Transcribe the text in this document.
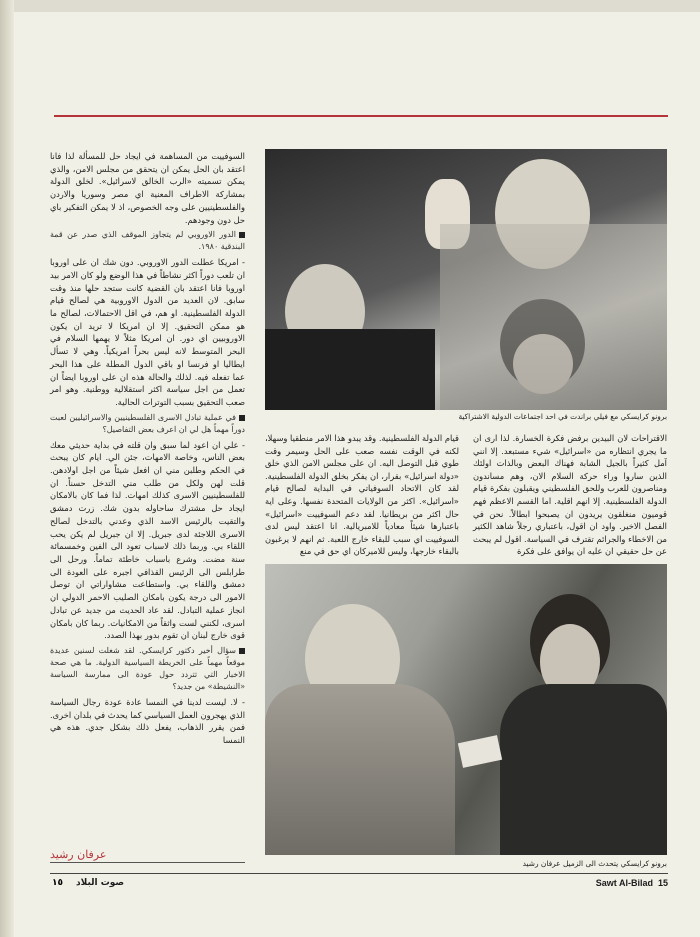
برونو كرايسكي مع فيلي براندت في احد اجتماعات الدولية الاشتراكية

الاقتراحات لان البيدين برفض فكرة الخسارة. لذا ارى ان ما يجري انتظاره من «اسرائيل» شيء مستبعد. إلا انني آمل كثيراً بالجيل الشابة فهناك البعض وبالذات اولئك الذين ساروا وراء حركة السلام الان، وهم مساندون ومناصرون للعرب وللحق الفلسطيني ويقبلون بفكرة قيام الدولة الفلسطينية. إلا انهم اقلية. اما القسم الاعظم فهم قوميون منغلقون يريدون ان يصبحوا ابطالاً. نحن في الفصل الاخير. واود ان اقول، باعتباري رجلاً شاهد الكثير من الاخطاء والجرائم تقترف في السياسة. اقول لم يبحث عن حل حقيقي ان عليه ان يوافق على فكرة

قيام الدولة الفلسطينية. وقد يبدو هذا الامر منطقيا وسهلا، لكنه في الوقت نفسه صعب على الحل وسيمر وقت طوي قبل التوصل اليه. ان على مجلس الامن الذي خلق «دولة اسرائيل» بقرار، ان يفكر بخلق الدولة الفلسطينية. لقد كان الاتحاد السوفياتي في البداية لصالح قيام «اسرائيل». اكثر من الولايات المتحدة نفسها. وعلى اية حال اكثر من بريطانيا. لقد دعم السوفييت «اسرائيل» باعتبارها شيئاً معادياً للامبريالية. انا اعتقد ليس لدى السوفييت اي سبب للبقاء خارج اللعبة. ثم انهم لا يرغبون بالبقاء خارجها، وليس للاميركان اي حق في منع

برونو كرايسكي يتحدث الى الزميل عرفان رشيد

السوفييت من المساهمة في ايجاد حل للمسألة لذا فانا اعتقد بان الحل يمكن ان يتحقق من مجلس الامن، والذي يمكن تسميته «الرب الخالق لاسرائيل». لخلق الدولة بمشاركة الاطراف المعنية اي مصر وسوريا والاردن والفلسطينيين على وجه الخصوص، اذ لا يمكن التفكير باي حل دون وجودهم.

الدور الاوروبي لم يتجاوز الموقف الذي صدر عن قمة البندقية ١٩٨٠.

- امريكا عطلت الدور الاوروبي. دون شك ان على اوروبا ان تلعب دوراً اكثر نشاطاً في هذا الوضع ولو كان الامر بيد اوروبا فانا اعتقد بان القضية كانت ستجد حلها منذ وقت سابق. لان العديد من الدول الاوروبية هي لصالح قيام الدولة الفلسطينية. او هم، في اقل الاحتمالات، لصالح ما هو ممكن التحقيق. إلا ان امريكا لا تريد ان يكون الاوروبيين اي دور. ان امريكا مثلاً لا يهمها السلام في البحر المتوسط لانه ليس بحراً امريكياً. وهي لا تسأل ايطاليا او فرنسا او باقي الدول المطلة على هذا البحر عما تفعله فيه. لذلك والحالة هذه ان على اوروبا ايضاً ان تعمل من اجل سياسة اكثر استقلالية ووطنية. وهو امر صعب التحقيق بسبب التوترات الحالية.

في عملية تبادل الاسرى الفلسطينيين والاسرائيليين لعبت دوراً مهماً هل لي ان اعرف بعض التفاصيل؟

- علي ان اعود لما سبق وان قلته في بداية حديثي معك بعض الناس، وخاصة الامهات، جئن الي. ايام كان يبحث في الحكم وطلبن مني ان افعل شيئاً من اجل اولادهن. قلت لهن ولكل من طلب مني التدخل حسناً. ان للفلسطينيين الاسرى كذلك امهات. لذا فما كان بالامكان ايجاد حل مشترك ساحاوله بدون شك. زرت دمشق والتقيت بالرئيس الاسد الذي وعدني بالتدخل لصالح الاسرى اللاجئة لدى جبريل. إلا ان جبريل لم يكن يحب اللقاء بي. وربما ذلك لاسباب تعود الى الفين وخمسمائة سنة مضت. وشرع باسباب خاطئة تماماً. ورحل الى طرابلس الى الرئيس القذافي اجبره على العودة الى دمشق واللقاء بي. واستطاعت مشاواراتي ان توصل الامور الى درجة يكون بامكان الصليب الاحمر الدولي ان انجاز عملية التبادل. لقد عاد الحديث من جديد عن تبادل اسرى، لكنني لست واثقاً من الامكانيات. ربما كان بامكان قوى خارج لبنان ان تقوم بدور بهذا الصدد.

سؤال أخير دكتور كرايسكي. لقد شغلت لسنين عديدة موقعاً مهماً على الخريطة السياسية الدولية. ما هي صحة الاخبار التي تتردد حول عودة الى ممارسة السياسة «النشيطة» من جديد؟

- لا. ليست لدينا في النمسا عادة عودة رجال السياسة الذي يهجرون العمل السياسي كما يحدث في بلدان اخرى. فمن يقرر الذهاب، يفعل ذلك بشكل جدي. هذه هي النمسا

عرفان رشيد
صوت البلاد
١٥	Sawt Al-Bilad 15
